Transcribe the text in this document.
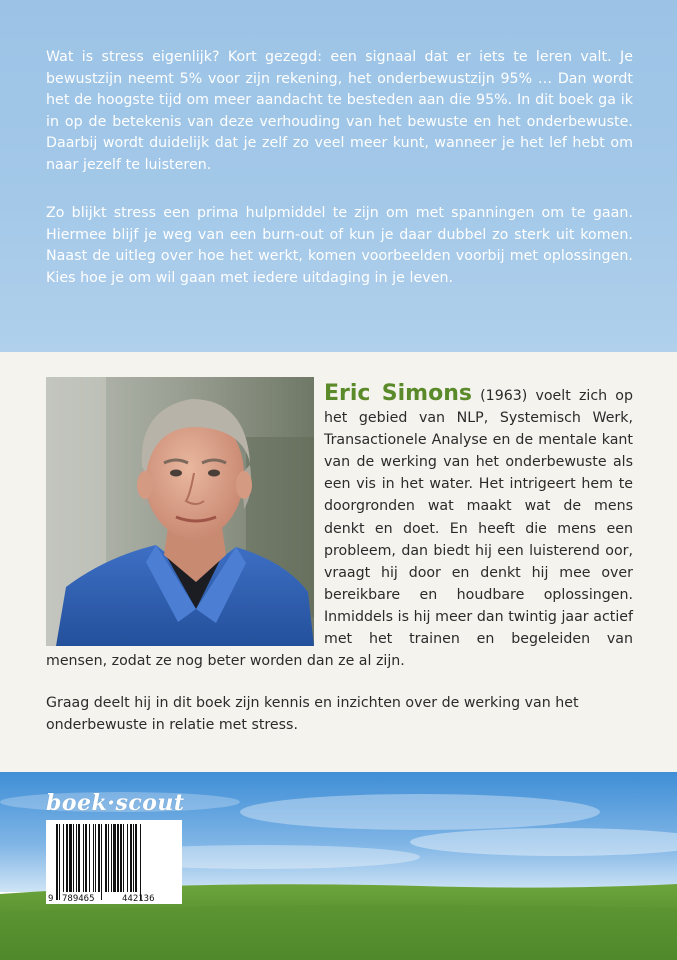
Wat is stress eigenlijk? Kort gezegd: een signaal dat er iets te leren valt. Je bewustzijn neemt 5% voor zijn rekening, het onderbewustzijn 95% … Dan wordt het de hoogste tijd om meer aandacht te besteden aan die 95%. In dit boek ga ik in op de betekenis van deze verhouding van het bewuste en het onderbewuste. Daarbij wordt duidelijk dat je zelf zo veel meer kunt, wanneer je het lef hebt om naar jezelf te luisteren.

Zo blijkt stress een prima hulpmiddel te zijn om met spanningen om te gaan. Hiermee blijf je weg van een burn-out of kun je daar dubbel zo sterk uit komen. Naast de uitleg over hoe het werkt, komen voorbeelden voorbij met oplossingen. Kies hoe je om wil gaan met iedere uitdaging in je leven.

Eric Simons (1963) voelt zich op het gebied van NLP, Systemisch Werk, Transactionele Analyse en de mentale kant van de werking van het onderbewuste als een vis in het water. Het intrigeert hem te doorgronden wat maakt wat de mens denkt en doet. En heeft die mens een probleem, dan biedt hij een luisterend oor, vraagt hij door en denkt hij mee over bereikbare en houdbare oplossingen. Inmiddels is hij meer dan twintig jaar actief met het trainen en begeleiden van mensen, zodat ze nog beter worden dan ze al zijn.

Graag deelt hij in dit boek zijn kennis en inzichten over de werking van het onderbewuste in relatie met stress.

boek·scout
9 789465	442136
